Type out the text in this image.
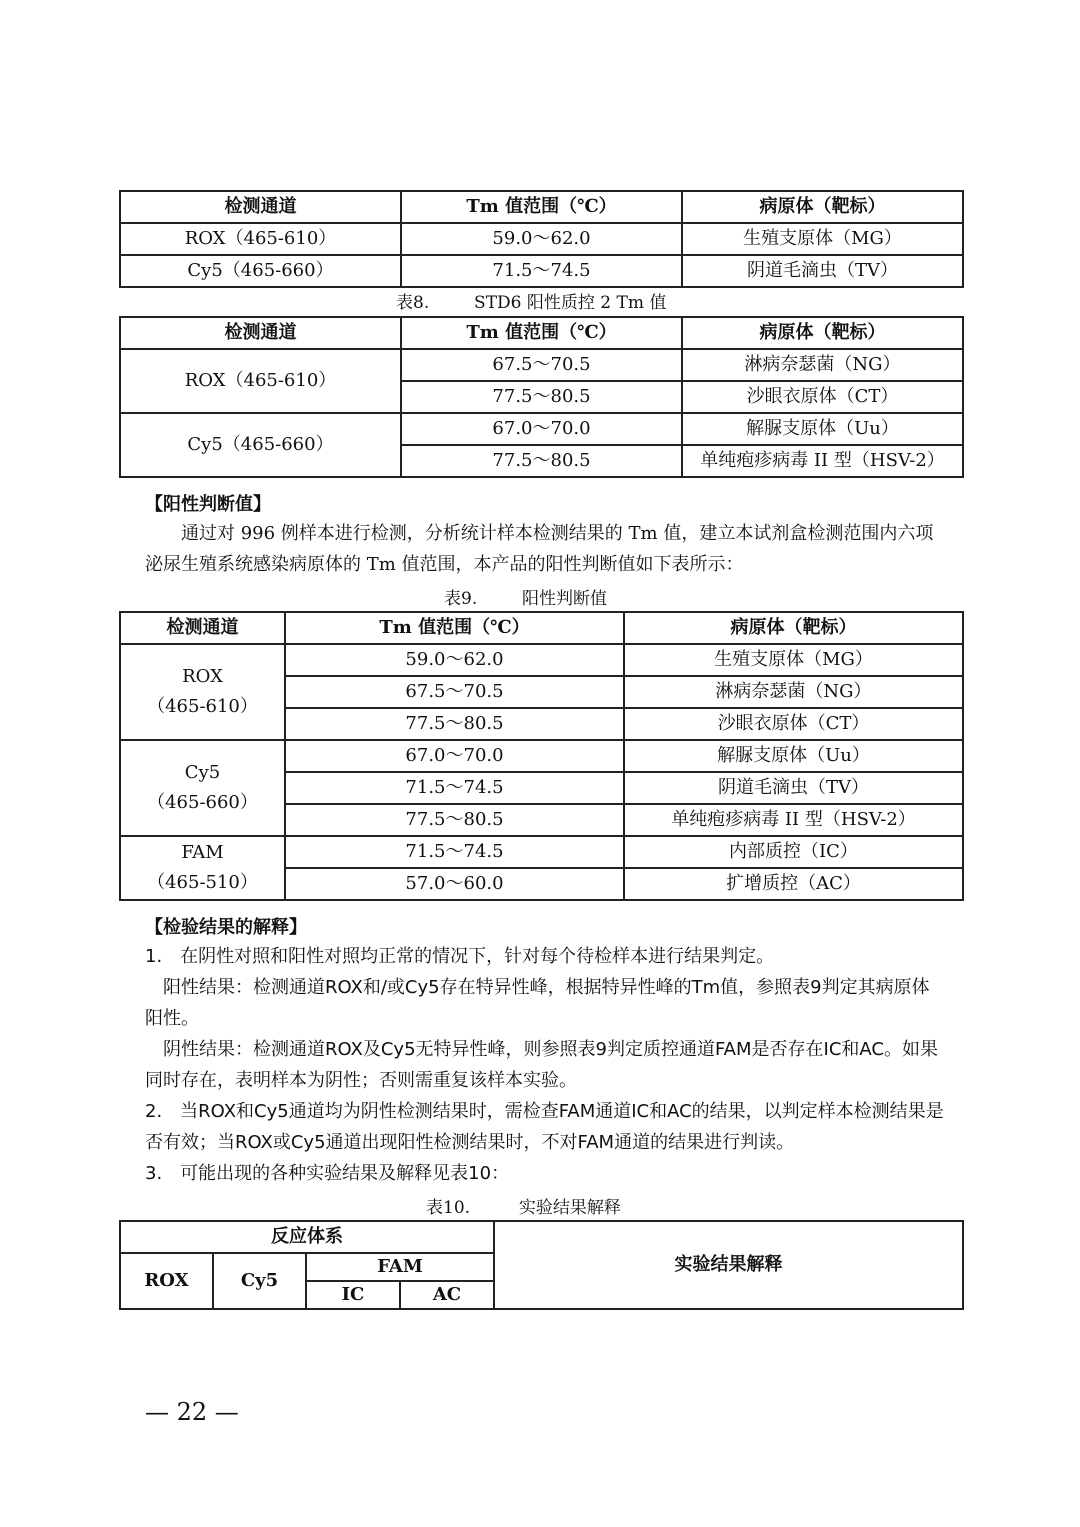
检测通道	Tm 值范围（℃）	病原体（靶标）
ROX（465-610）	59.0～62.0	生殖支原体（MG）
Cy5（465-660）	71.5～74.5	阴道毛滴虫（TV）
表8.	STD6 阳性质控 2 Tm 值
检测通道	Tm 值范围（℃）	病原体（靶标）
ROX（465-610）	67.5～70.5	淋病奈瑟菌（NG）
	77.5～80.5	沙眼衣原体（CT）
Cy5（465-660）	67.0～70.0	解脲支原体（Uu）
	77.5～80.5	单纯疱疹病毒 II 型（HSV-2）
【阳性判断值】
通过对 996 例样本进行检测，分析统计样本检测结果的 Tm 值，建立本试剂盒检测范围内六项泌尿生殖系统感染病原体的 Tm 值范围，本产品的阳性判断值如下表所示：
表9.	阳性判断值
检测通道	Tm 值范围（℃）	病原体（靶标）

ROX
（465-610）	59.0～62.0	生殖支原体（MG）
	67.5～70.5	淋病奈瑟菌（NG）
	77.5～80.5	沙眼衣原体（CT）

Cy5
（465-660）	67.0～70.0	解脲支原体（Uu）
	71.5～74.5	阴道毛滴虫（TV）
	77.5～80.5	单纯疱疹病毒 II 型（HSV-2）

FAM
（465-510）	71.5～74.5	内部质控（IC）
	57.0～60.0	扩增质控（AC）
【检验结果的解释】
1.　在阴性对照和阳性对照均正常的情况下，针对每个待检样本进行结果判定。
阳性结果：检测通道ROX和/或Cy5存在特异性峰，根据特异性峰的Tm值，参照表9判定其病原体阳性。
阴性结果：检测通道ROX及Cy5无特异性峰，则参照表9判定质控通道FAM是否存在IC和AC。如果同时存在，表明样本为阴性；否则需重复该样本实验。
2.　当ROX和Cy5通道均为阴性检测结果时，需检查FAM通道IC和AC的结果，以判定样本检测结果是否有效；当ROX或Cy5通道出现阳性检测结果时，不对FAM通道的结果进行判读。
3.　可能出现的各种实验结果及解释见表10：
表10.	实验结果解释
反应体系				实验结果解释
ROX	Cy5	FAM		
		IC	AC	
— 22 —
